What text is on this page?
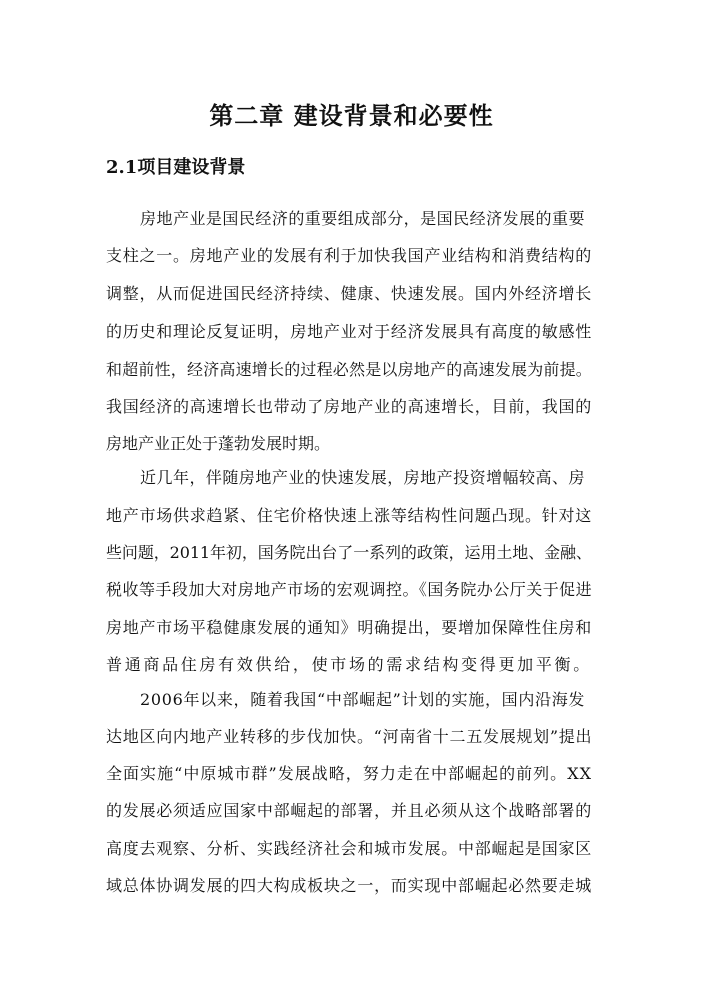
第二章 建设背景和必要性
2.1项目建设背景

房地产业是国民经济的重要组成部分，是国民经济发展的重要

支柱之一。房地产业的发展有利于加快我国产业结构和消费结构的

调整，从而促进国民经济持续、健康、快速发展。国内外经济增长

的历史和理论反复证明，房地产业对于经济发展具有高度的敏感性

和超前性，经济高速增长的过程必然是以房地产的高速发展为前提。

我国经济的高速增长也带动了房地产业的高速增长，目前，我国的

房地产业正处于蓬勃发展时期。

近几年，伴随房地产业的快速发展，房地产投资增幅较高、房

地产市场供求趋紧、住宅价格快速上涨等结构性问题凸现。针对这

些问题，2011年初，国务院出台了一系列的政策，运用土地、金融、

税收等手段加大对房地产市场的宏观调控。《国务院办公厅关于促进

房地产市场平稳健康发展的通知》明确提出，要增加保障性住房和

普通商品住房有效供给，使市场的需求结构变得更加平衡。

2006年以来，随着我国“中部崛起”计划的实施，国内沿海发

达地区向内地产业转移的步伐加快。“河南省十二五发展规划”提出

全面实施“中原城市群”发展战略，努力走在中部崛起的前列。XX

的发展必须适应国家中部崛起的部署，并且必须从这个战略部署的

高度去观察、分析、实践经济社会和城市发展。中部崛起是国家区

域总体协调发展的四大构成板块之一，而实现中部崛起必然要走城
